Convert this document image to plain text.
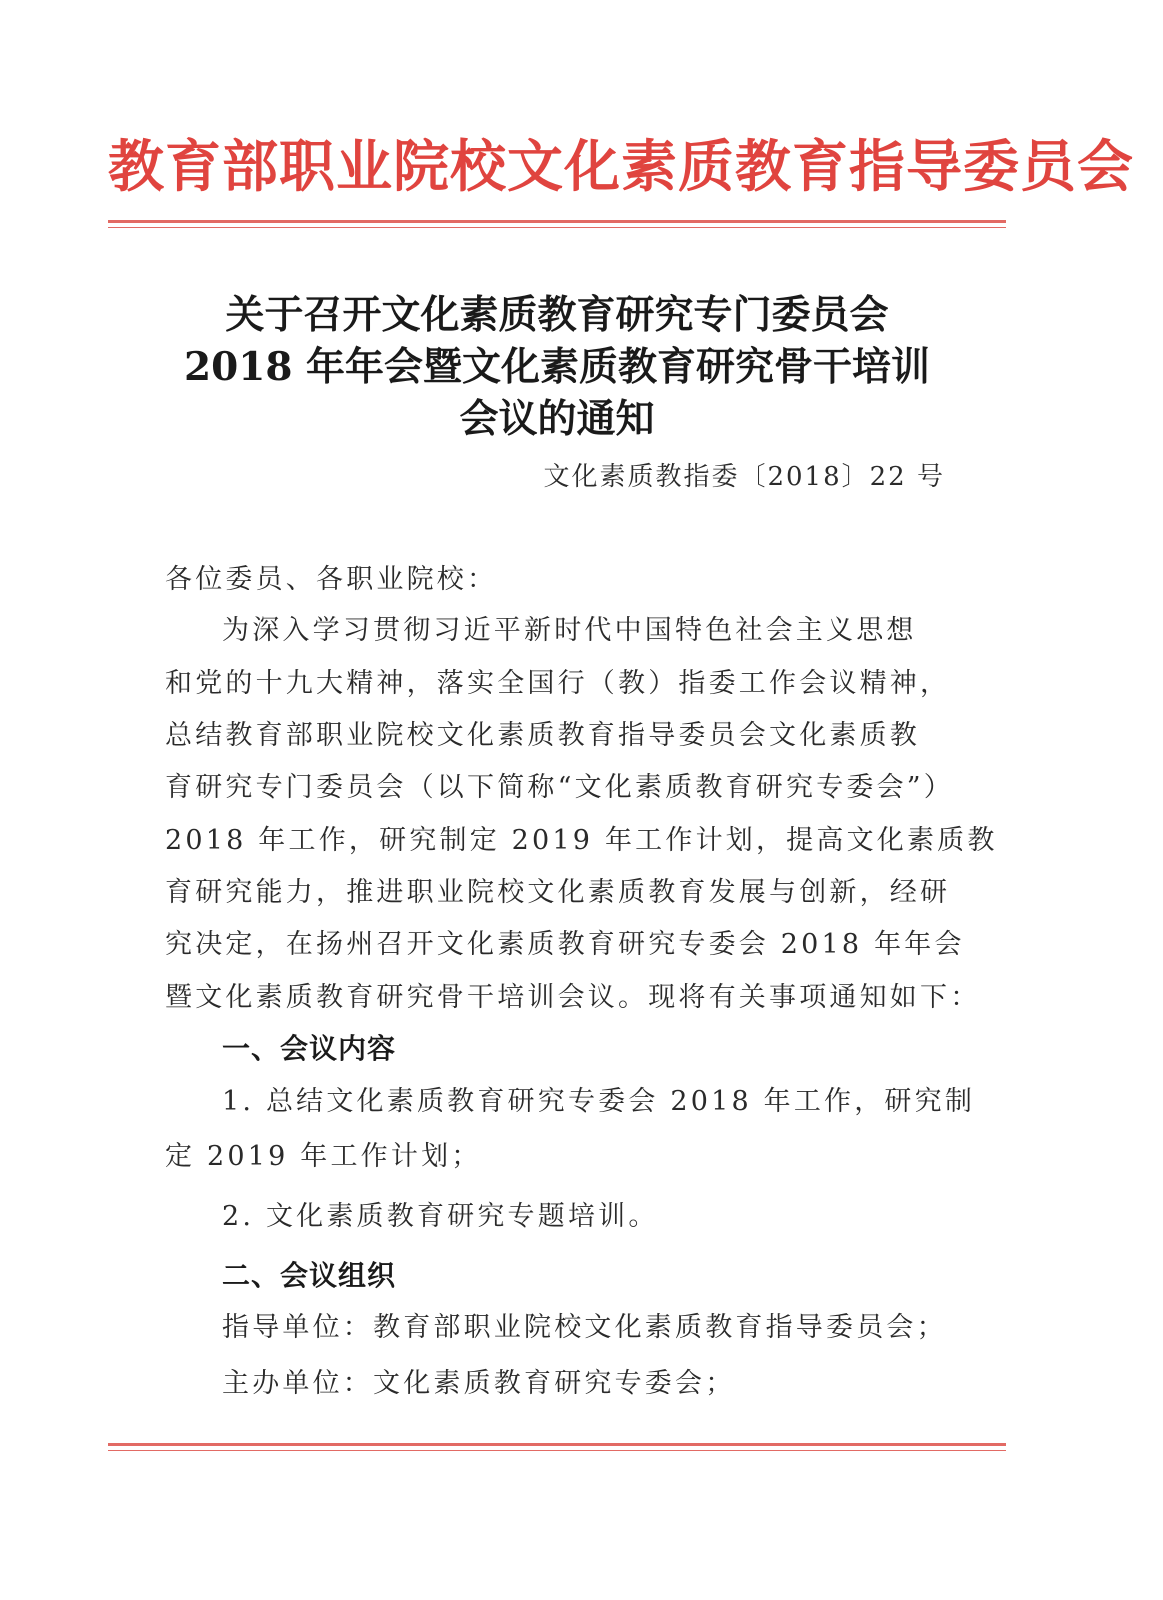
教育部职业院校文化素质教育指导委员会
关于召开文化素质教育研究专门委员会
2018 年年会暨文化素质教育研究骨干培训
会议的通知
文化素质教指委〔2018〕22 号
各位委员、各职业院校：
为深入学习贯彻习近平新时代中国特色社会主义思想
和党的十九大精神，落实全国行（教）指委工作会议精神，
总结教育部职业院校文化素质教育指导委员会文化素质教
育研究专门委员会（以下简称“文化素质教育研究专委会”）
2018 年工作，研究制定 2019 年工作计划，提高文化素质教
育研究能力，推进职业院校文化素质教育发展与创新，经研
究决定，在扬州召开文化素质教育研究专委会 2018 年年会
暨文化素质教育研究骨干培训会议。现将有关事项通知如下：
一、会议内容
1. 总结文化素质教育研究专委会 2018 年工作，研究制
定 2019 年工作计划；
2. 文化素质教育研究专题培训。
二、会议组织
指导单位：教育部职业院校文化素质教育指导委员会；
主办单位：文化素质教育研究专委会；
